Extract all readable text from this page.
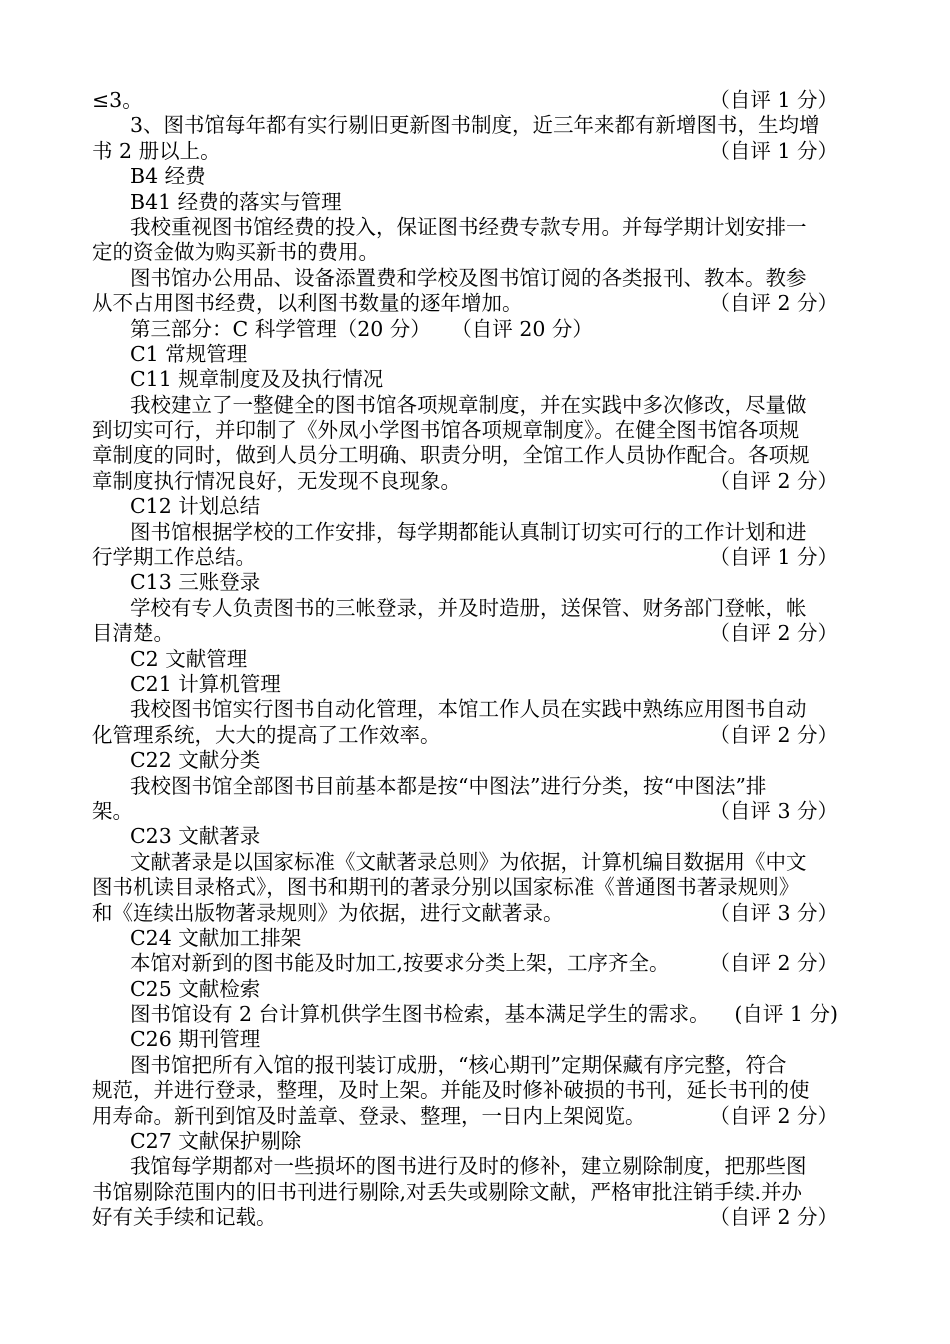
≤3。	（自评 1 分）
3、图书馆每年都有实行剔旧更新图书制度，近三年来都有新增图书，生均增
书 2 册以上。	（自评 1 分）
B4 经费
B41 经费的落实与管理
我校重视图书馆经费的投入，保证图书经费专款专用。并每学期计划安排一
定的资金做为购买新书的费用。
图书馆办公用品、设备添置费和学校及图书馆订阅的各类报刊、教本。教参
从不占用图书经费，以利图书数量的逐年增加。	（自评 2 分）
第三部分：C 科学管理（20 分）　　（自评 20 分）
C1 常规管理
C11 规章制度及及执行情况
我校建立了一整健全的图书馆各项规章制度，并在实践中多次修改，尽量做
到切实可行，并印制了《外凤小学图书馆各项规章制度》。在健全图书馆各项规
章制度的同时，做到人员分工明确、职责分明，全馆工作人员协作配合。各项规
章制度执行情况良好，无发现不良现象。	（自评 2 分）
C12 计划总结
图书馆根据学校的工作安排，每学期都能认真制订切实可行的工作计划和进
行学期工作总结。	（自评 1 分）
C13 三账登录
学校有专人负责图书的三帐登录，并及时造册，送保管、财务部门登帐，帐
目清楚。	（自评 2 分）
C2 文献管理
C21 计算机管理
我校图书馆实行图书自动化管理，本馆工作人员在实践中熟练应用图书自动
化管理系统，大大的提高了工作效率。	（自评 2 分）
C22 文献分类
我校图书馆全部图书目前基本都是按“中图法”进行分类，按“中图法”排
架。	（自评 3 分）
C23 文献著录
文献著录是以国家标准《文献著录总则》为依据，计算机编目数据用《中文
图书机读目录格式》，图书和期刊的著录分别以国家标准《普通图书著录规则》
和《连续出版物著录规则》为依据，进行文献著录。	（自评 3 分）
C24 文献加工排架
本馆对新到的图书能及时加工,按要求分类上架，工序齐全。 （自评 2 分）
C25 文献检索
图书馆设有 2 台计算机供学生图书检索，基本满足学生的需求。 (自评 1 分)
C26 期刊管理
图书馆把所有入馆的报刊装订成册，“核心期刊”定期保藏有序完整，符合
规范，并进行登录，整理，及时上架。并能及时修补破损的书刊，延长书刊的使
用寿命。新刊到馆及时盖章、登录、整理，一日内上架阅览。	（自评 2 分）
C27 文献保护剔除
我馆每学期都对一些损坏的图书进行及时的修补，建立剔除制度，把那些图
书馆剔除范围内的旧书刊进行剔除,对丢失或剔除文献，严格审批注销手续.并办
好有关手续和记载。	（自评 2 分）
